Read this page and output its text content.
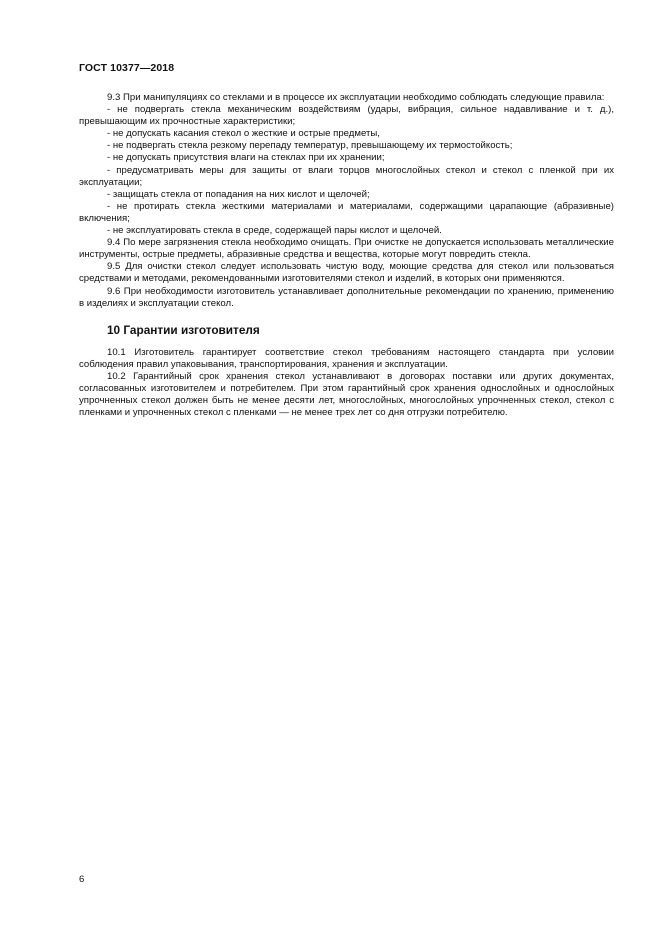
ГОСТ 10377—2018

9.3 При манипуляциях со стеклами и в процессе их эксплуатации необходимо соблюдать следующие правила:

- не подвергать стекла механическим воздействиям (удары, вибрация, сильное надавливание и т. д.), превышающим их прочностные характеристики;

- не допускать касания стекол о жесткие и острые предметы,

- не подвергать стекла резкому перепаду температур, превышающему их термостойкость;

- не допускать присутствия влаги на стеклах при их хранении;

- предусматривать меры для защиты от влаги торцов многослойных стекол и стекол с пленкой при их эксплуатации;

- защищать стекла от попадания на них кислот и щелочей;

- не протирать стекла жесткими материалами и материалами, содержащими царапающие (абразивные) включения;

- не эксплуатировать стекла в среде, содержащей пары кислот и щелочей.

9.4 По мере загрязнения стекла необходимо очищать. При очистке не допускается использовать металлические инструменты, острые предметы, абразивные средства и вещества, которые могут повредить стекла.

9.5 Для очистки стекол следует использовать чистую воду, моющие средства для стекол или пользоваться средствами и методами, рекомендованными изготовителями стекол и изделий, в которых они применяются.

9.6 При необходимости изготовитель устанавливает дополнительные рекомендации по хранению, применению в изделиях и эксплуатации стекол.

10 Гарантии изготовителя

10.1 Изготовитель гарантирует соответствие стекол требованиям настоящего стандарта при условии соблюдения правил упаковывания, транспортирования, хранения и эксплуатации.

10.2 Гарантийный срок хранения стекол устанавливают в договорах поставки или других документах, согласованных изготовителем и потребителем. При этом гарантийный срок хранения однослойных и однослойных упрочненных стекол должен быть не менее десяти лет, многослойных, многослойных упрочненных стекол, стекол с пленками и упрочненных стекол с пленками — не менее трех лет со дня отгрузки потребителю.

6
